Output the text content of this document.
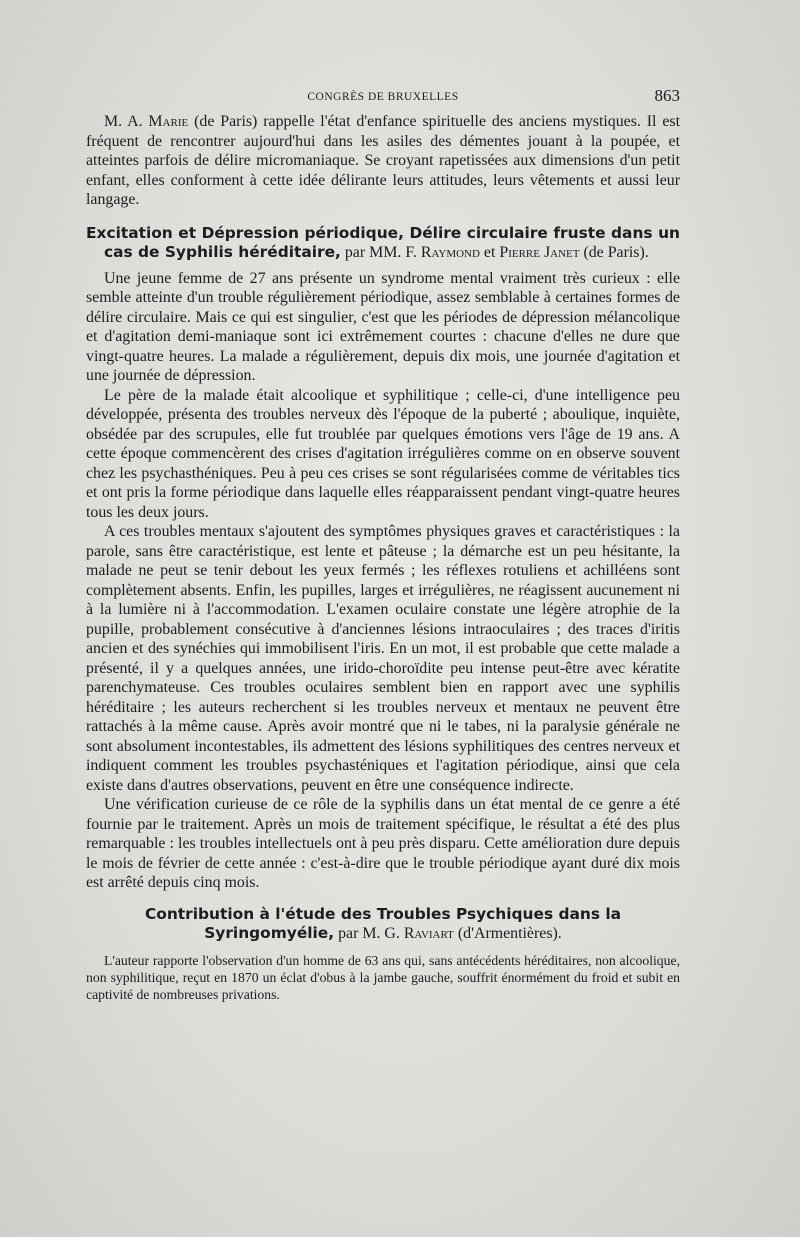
CONGRÈS DE BRUXELLES	863

M. A. Marie (de Paris) rappelle l'état d'enfance spirituelle des anciens mystiques. Il est fréquent de rencontrer aujourd'hui dans les asiles des démentes jouant à la poupée, et atteintes parfois de délire micromaniaque. Se croyant rapetissées aux dimensions d'un petit enfant, elles conforment à cette idée délirante leurs attitudes, leurs vêtements et aussi leur langage.

Excitation et Dépression périodique, Délire circulaire fruste dans un cas de Syphilis héréditaire, par MM. F. Raymond et Pierre Janet (de Paris).

Une jeune femme de 27 ans présente un syndrome mental vraiment très curieux : elle semble atteinte d'un trouble régulièrement périodique, assez semblable à certaines formes de délire circulaire. Mais ce qui est singulier, c'est que les périodes de dépression mélancolique et d'agitation demi-maniaque sont ici extrêmement courtes : chacune d'elles ne dure que vingt-quatre heures. La malade a régulièrement, depuis dix mois, une journée d'agitation et une journée de dépression.

Le père de la malade était alcoolique et syphilitique ; celle-ci, d'une intelligence peu développée, présenta des troubles nerveux dès l'époque de la puberté ; aboulique, inquiète, obsédée par des scrupules, elle fut troublée par quelques émotions vers l'âge de 19 ans. A cette époque commencèrent des crises d'agitation irrégulières comme on en observe souvent chez les psychasthéniques. Peu à peu ces crises se sont régularisées comme de véritables tics et ont pris la forme périodique dans laquelle elles réapparaissent pendant vingt-quatre heures tous les deux jours.

A ces troubles mentaux s'ajoutent des symptômes physiques graves et caractéristiques : la parole, sans être caractéristique, est lente et pâteuse ; la démarche est un peu hésitante, la malade ne peut se tenir debout les yeux fermés ; les réflexes rotuliens et achilléens sont complètement absents. Enfin, les pupilles, larges et irrégulières, ne réagissent aucunement ni à la lumière ni à l'accommodation. L'examen oculaire constate une légère atrophie de la pupille, probablement consécutive à d'anciennes lésions intraoculaires ; des traces d'iritis ancien et des synéchies qui immobilisent l'iris. En un mot, il est probable que cette malade a présenté, il y a quelques années, une irido-choroïdite peu intense peut-être avec kératite parenchymateuse. Ces troubles oculaires semblent bien en rapport avec une syphilis héréditaire ; les auteurs recherchent si les troubles nerveux et mentaux ne peuvent être rattachés à la même cause. Après avoir montré que ni le tabes, ni la paralysie générale ne sont absolument incontestables, ils admettent des lésions syphilitiques des centres nerveux et indiquent comment les troubles psychasténiques et l'agitation périodique, ainsi que cela existe dans d'autres observations, peuvent en être une conséquence indirecte.

Une vérification curieuse de ce rôle de la syphilis dans un état mental de ce genre a été fournie par le traitement. Après un mois de traitement spécifique, le résultat a été des plus remarquable : les troubles intellectuels ont à peu près disparu. Cette amélioration dure depuis le mois de février de cette année : c'est-à-dire que le trouble périodique ayant duré dix mois est arrêté depuis cinq mois.

Contribution à l'étude des Troubles Psychiques dans la Syringomyélie, par M. G. Raviart (d'Armentières).

L'auteur rapporte l'observation d'un homme de 63 ans qui, sans antécédents héréditaires, non alcoolique, non syphilitique, reçut en 1870 un éclat d'obus à la jambe gauche, souffrit énormément du froid et subit en captivité de nombreuses privations.
